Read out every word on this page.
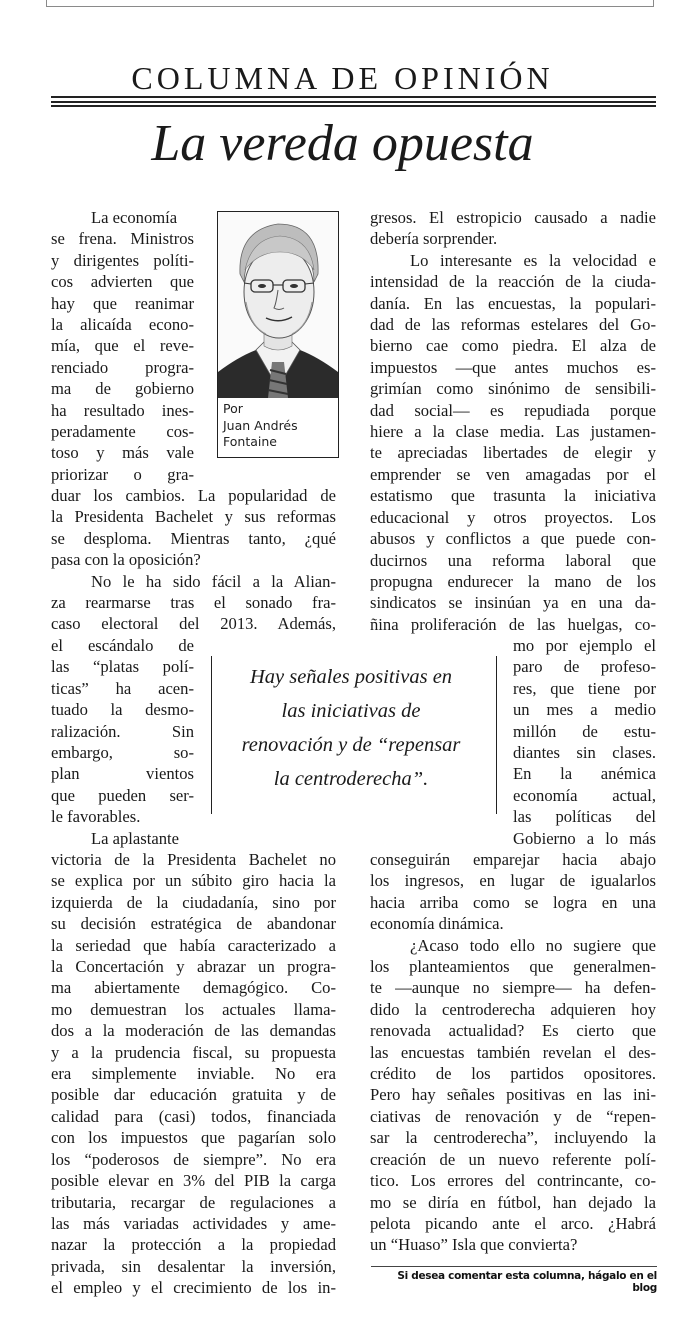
COLUMNA DE OPINIÓN
La vereda opuesta
La economía
se frena. Ministros
y dirigentes políti-
cos advierten que
hay que reanimar
la alicaída econo-
mía, que el reve-
renciado progra-
ma de gobierno
ha resultado ines-
peradamente cos-
toso y más vale
priorizar o gra-
Por
Juan Andrés
Fontaine
duar los cambios. La popularidad de
la Presidenta Bachelet y sus reformas
se desploma. Mientras tanto, ¿qué
pasa con la oposición?
No le ha sido fácil a la Alian-
za rearmarse tras el sonado fra-
caso electoral del 2013. Además,
el escándalo de
las “platas polí-
ticas” ha acen-
tuado la desmo-
ralización. Sin
embargo, so-
plan vientos
que pueden ser-
le favorables.
La aplastante
Hay señales positivas en
las iniciativas de
renovación y de “repensar
la centroderecha”.
victoria de la Presidenta Bachelet no
se explica por un súbito giro hacia la
izquierda de la ciudadanía, sino por
su decisión estratégica de abandonar
la seriedad que había caracterizado a
la Concertación y abrazar un progra-
ma abiertamente demagógico. Co-
mo demuestran los actuales llama-
dos a la moderación de las demandas
y a la prudencia fiscal, su propuesta
era simplemente inviable. No era
posible dar educación gratuita y de
calidad para (casi) todos, financiada
con los impuestos que pagarían solo
los “poderosos de siempre”. No era
posible elevar en 3% del PIB la carga
tributaria, recargar de regulaciones a
las más variadas actividades y ame-
nazar la protección a la propiedad
privada, sin desalentar la inversión,
el empleo y el crecimiento de los in-
gresos. El estropicio causado a nadie
debería sorprender.
Lo interesante es la velocidad e
intensidad de la reacción de la ciuda-
danía. En las encuestas, la populari-
dad de las reformas estelares del Go-
bierno cae como piedra. El alza de
impuestos —que antes muchos es-
grimían como sinónimo de sensibili-
dad social— es repudiada porque
hiere a la clase media. Las justamen-
te apreciadas libertades de elegir y
emprender se ven amagadas por el
estatismo que trasunta la iniciativa
educacional y otros proyectos. Los
abusos y conflictos a que puede con-
ducirnos una reforma laboral que
propugna endurecer la mano de los
sindicatos se insinúan ya en una da-
ñina proliferación de las huelgas, co-
mo por ejemplo el
paro de profeso-
res, que tiene por
un mes a medio
millón de estu-
diantes sin clases.
En la anémica
economía actual,
las políticas del
Gobierno a lo más
conseguirán emparejar hacia abajo
los ingresos, en lugar de igualarlos
hacia arriba como se logra en una
economía dinámica.
¿Acaso todo ello no sugiere que
los planteamientos que generalmen-
te —aunque no siempre— ha defen-
dido la centroderecha adquieren hoy
renovada actualidad? Es cierto que
las encuestas también revelan el des-
crédito de los partidos opositores.
Pero hay señales positivas en las ini-
ciativas de renovación y de “repen-
sar la centroderecha”, incluyendo la
creación de un nuevo referente polí-
tico. Los errores del contrincante, co-
mo se diría en fútbol, han dejado la
pelota picando ante el arco. ¿Habrá
un “Huaso” Isla que convierta?
Si desea comentar esta columna, hágalo en el blog
